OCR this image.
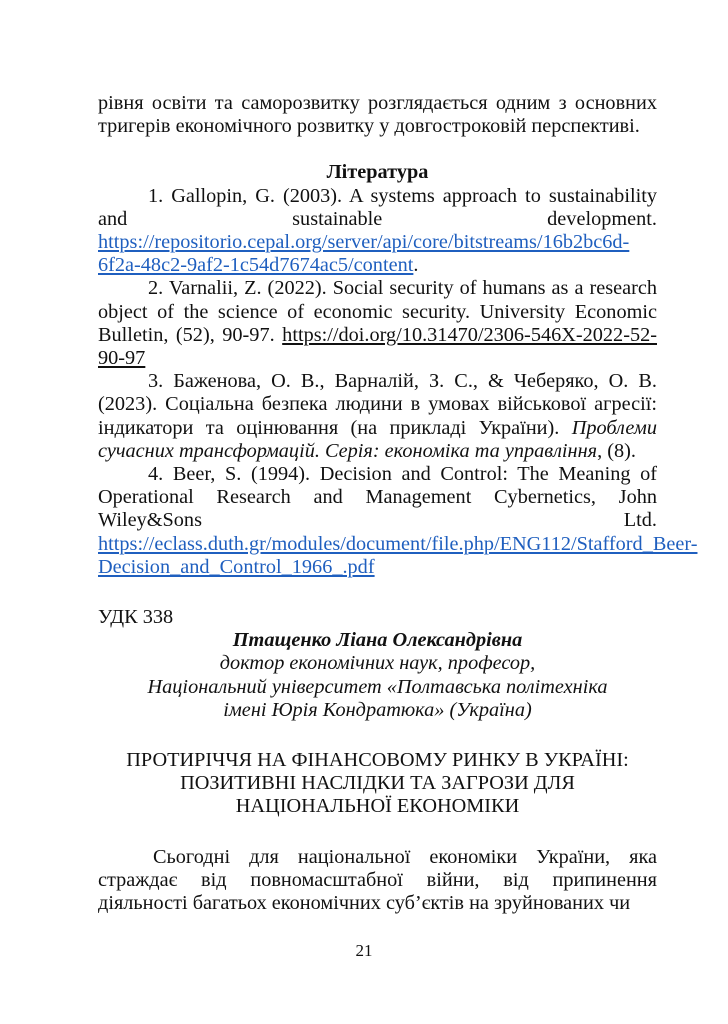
рівня освіти та саморозвитку розглядається одним з основних
тригерів економічного розвитку у довгостроковій перспективі.

Література

1. Gallopin, G. (2003). A systems approach to sustainability and sustainable development. https://repositorio.cepal.org/server/api/core/bitstreams/16b2bc6d-6f2a-48c2-9af2-1c54d7674ac5/content.

2. Varnalii, Z. (2022). Social security of humans as a research object of the science of economic security. University Economic Bulletin, (52), 90-97. https://doi.org/10.31470/2306-546X-2022-52-90-97

3. Баженова, О. В., Варналій, З. С., & Чеберяко, О. В. (2023). Соціальна безпека людини в умовах військової агресії: індикатори та оцінювання (на прикладі України). Проблеми сучасних трансформацій. Серія: економіка та управління, (8).

4. Beer, S. (1994). Decision and Control: The Meaning of Operational Research and Management Cybernetics, John Wiley&Sons Ltd. https://eclass.duth.gr/modules/document/file.php/ENG112/Stafford_Beer-Decision_and_Control_1966_.pdf

УДК 338

Птащенко Ліана Олександрівна

доктор економічних наук, професор,
Національний університет «Полтавська політехніка
імені Юрія Кондратюка» (Україна)

ПРОТИРІЧЧЯ НА ФІНАНСОВОМУ РИНКУ В УКРАЇНІ:
ПОЗИТИВНІ НАСЛІДКИ ТА ЗАГРОЗИ ДЛЯ
НАЦІОНАЛЬНОЇ ЕКОНОМІКИ

Сьогодні для національної економіки України, яка страждає від повномасштабної війни, від припинення діяльності багатьох економічних суб’єктів на зруйнованих чи

21
